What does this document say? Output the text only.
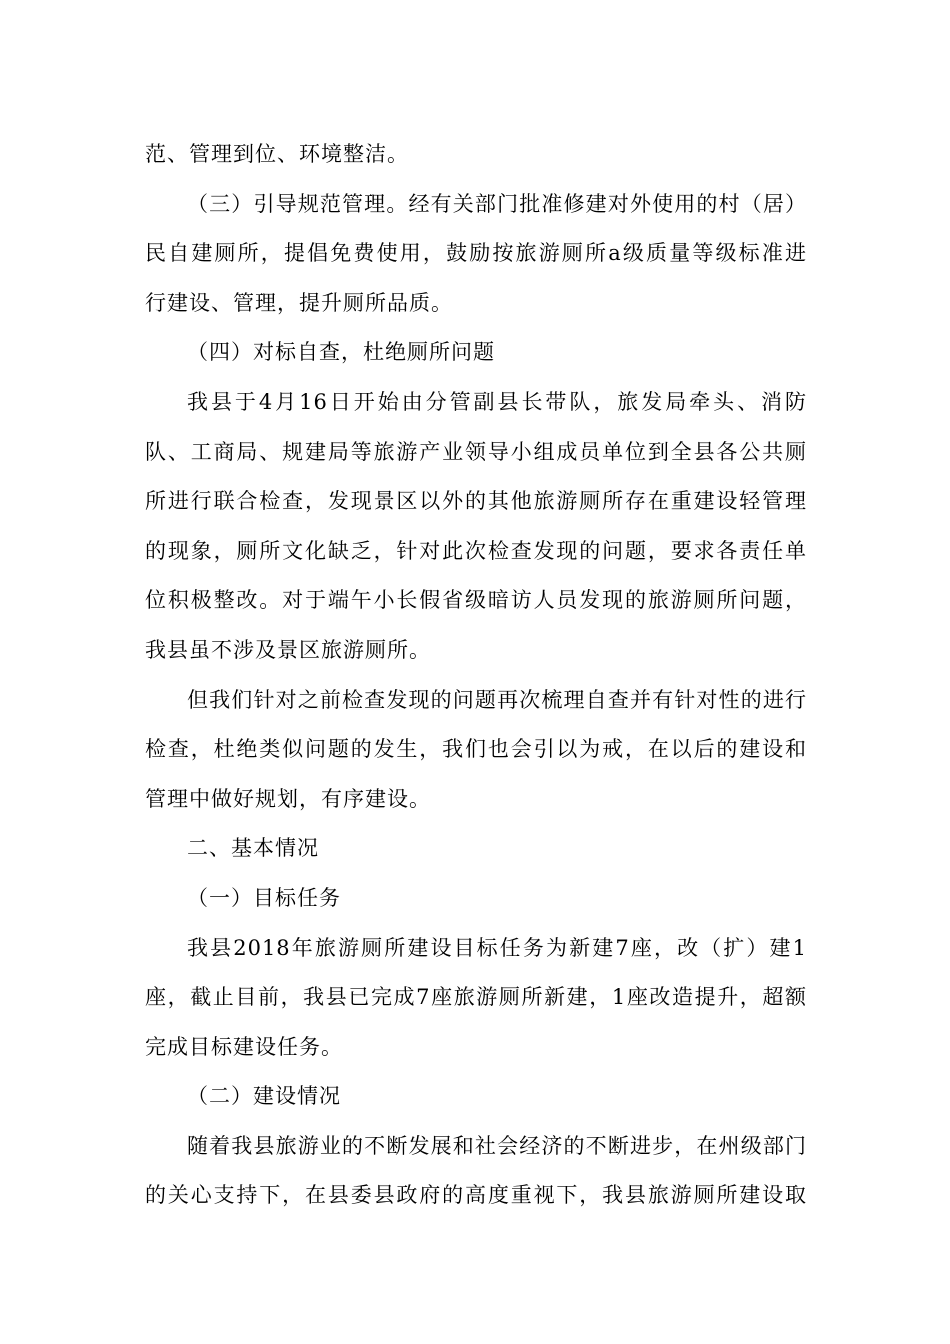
范、管理到位、环境整洁。
（三）引导规范管理。经有关部门批准修建对外使用的村（居）
民自建厕所，提倡免费使用，鼓励按旅游厕所a级质量等级标准进
行建设、管理，提升厕所品质。
（四）对标自查，杜绝厕所问题
我县于4月16日开始由分管副县长带队，旅发局牵头、消防
队、工商局、规建局等旅游产业领导小组成员单位到全县各公共厕
所进行联合检查，发现景区以外的其他旅游厕所存在重建设轻管理
的现象，厕所文化缺乏，针对此次检查发现的问题，要求各责任单
位积极整改。对于端午小长假省级暗访人员发现的旅游厕所问题，
我县虽不涉及景区旅游厕所。
但我们针对之前检查发现的问题再次梳理自查并有针对性的进行
检查，杜绝类似问题的发生，我们也会引以为戒，在以后的建设和
管理中做好规划，有序建设。
二、基本情况
（一）目标任务
我县2018年旅游厕所建设目标任务为新建7座，改（扩）建1
座，截止目前，我县已完成7座旅游厕所新建，1座改造提升，超额
完成目标建设任务。
（二）建设情况
随着我县旅游业的不断发展和社会经济的不断进步，在州级部门
的关心支持下，在县委县政府的高度重视下，我县旅游厕所建设取
